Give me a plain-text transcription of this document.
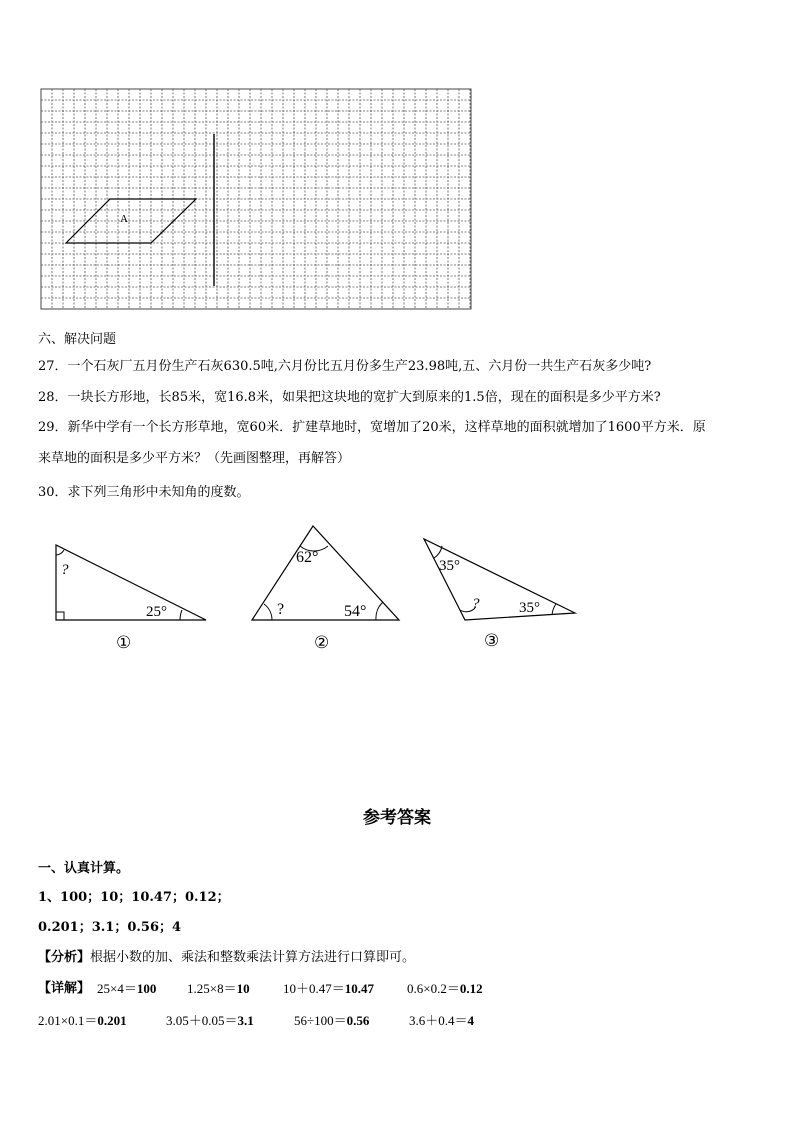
A
六、解决问题
27．一个石灰厂五月份生产石灰630.5吨,六月份比五月份多生产23.98吨,五、六月份一共生产石灰多少吨?
28．一块长方形地，长85米，宽16.8米，如果把这块地的宽扩大到原来的1.5倍，现在的面积是多少平方米?
29．新华中学有一个长方形草地，宽60米．扩建草地时，宽增加了20米，这样草地的面积就增加了1600平方米．原
来草地的面积是多少平方米？（先画图整理，再解答）
30．求下列三角形中未知角的度数。
?
25°
①
62°
?	54°
②
35°
?	35°
③
参考答案
一、认真计算。
1、100；10；10.47；0.12；
0.201；3.1；0.56；4
【分析】根据小数的加、乘法和整数乘法计算方法进行口算即可。
【详解】 25×4＝100 1.25×8＝10	10＋0.47＝10.47	0.6×0.2＝0.12
2.01×0.1＝0.201	3.05＋0.05＝3.1	56÷100＝0.56	3.6＋0.4＝4
